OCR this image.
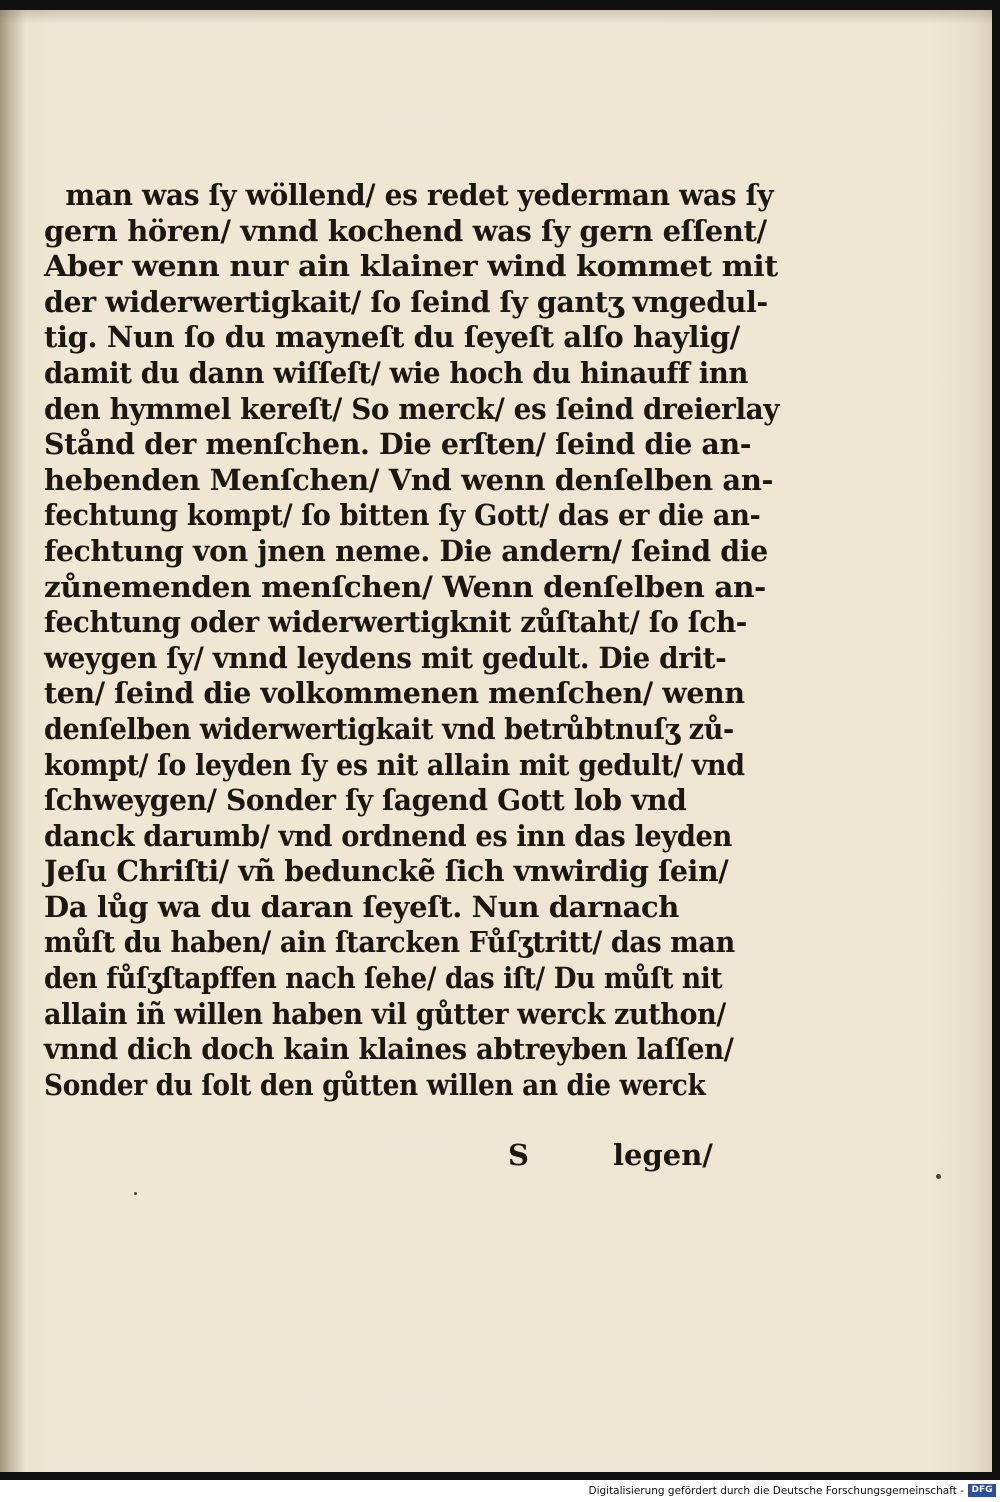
man was ſy wöllend/ es redet yederman was ſy
gern hören/ vnnd kochend was ſy gern eſſent/
Aber wenn nur ain klainer wind kommet mit
der widerwertigkait/ ſo ſeind ſy gantʒ vngedul-
tig. Nun ſo du mayneſt du ſeyeſt alſo haylig/
damit du dann wiſſeſt/ wie hoch du hinauff inn
den hymmel kereſt/ So merck/ es ſeind dreierlay
Stånd der menſchen. Die erſten/ ſeind die an-
hebenden Menſchen/ Vnd wenn denſelben an-
fechtung kompt/ ſo bitten ſy Gott/ das er die an-
fechtung von jnen neme. Die andern/ ſeind die
zůnemenden menſchen/ Wenn denſelben an-
fechtung oder widerwertigknit zůſtaht/ ſo ſch-
weygen ſy/ vnnd leydens mit gedult. Die drit-
ten/ ſeind die volkommenen menſchen/ wenn
denſelben widerwertigkait vnd betrůbtnuſʒ zů-
kompt/ ſo leyden ſy es nit allain mit gedult/ vnd
ſchweygen/ Sonder ſy ſagend Gott lob vnd
danck darumb/ vnd ordnend es inn das leyden
Jeſu Chriſti/ vñ bedunckẽ ſich vnwirdig ſein/
Da lůg wa du daran ſeyeſt. Nun darnach
můſt du haben/ ain ſtarcken Fůſʒtritt/ das man
den fůſʒſtapffen nach ſehe/ das iſt/ Du můſt nit
allain iñ willen haben vil gůtter werck zuthon/
vnnd dich doch kain klaines abtreyben laſſen/
Sonder du ſolt den gůtten willen an die werck
S	legen/
Digitalisierung gefördert durch die Deutsche Forschungsgemeinschaft - DFG
